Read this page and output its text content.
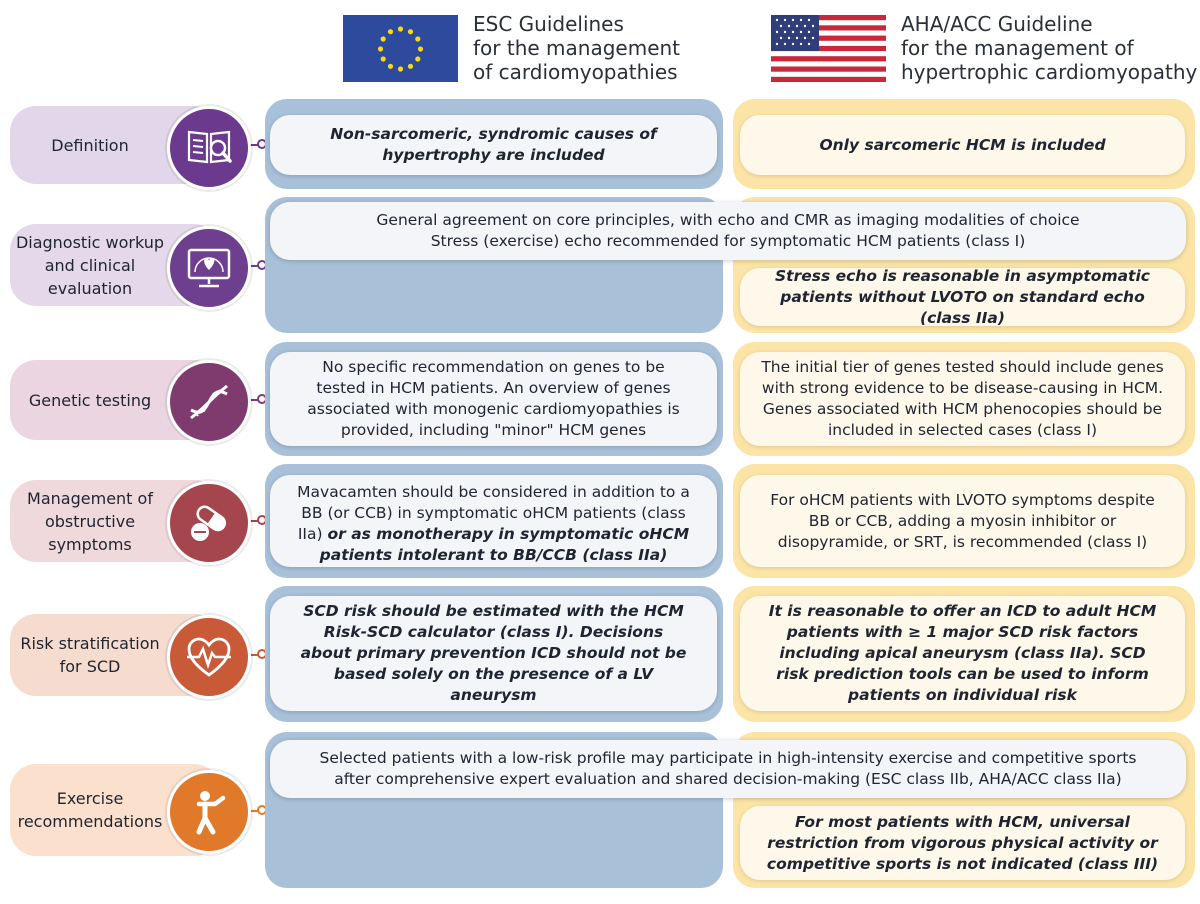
ESC Guidelines
for the management
of cardiomyopathies
AHA/ACC Guideline
for the management of
hypertrophic cardiomyopathy
Definition
Non-sarcomeric, syndromic causes of hypertrophy are included
Only sarcomeric HCM is included
Diagnostic workup and clinical evaluation
General agreement on core principles, with echo and CMR as imaging modalities of choice
Stress (exercise) echo recommended for symptomatic HCM patients (class I)
Stress echo is reasonable in asymptomatic patients without LVOTO on standard echo (class IIa)
Genetic testing
No specific recommendation on genes to be tested in HCM patients. An overview of genes associated with monogenic cardiomyopathies is provided, including "minor" HCM genes
The initial tier of genes tested should include genes with strong evidence to be disease-causing in HCM. Genes associated with HCM phenocopies should be included in selected cases (class I)
Management of obstructive symptoms
Mavacamten should be considered in addition to a BB (or CCB) in symptomatic oHCM patients (class IIa) or as monotherapy in symptomatic oHCM patients intolerant to BB/CCB (class IIa)
For oHCM patients with LVOTO symptoms despite BB or CCB, adding a myosin inhibitor or disopyramide, or SRT, is recommended (class I)
Risk stratification for SCD
SCD risk should be estimated with the HCM Risk-SCD calculator (class I). Decisions about primary prevention ICD should not be based solely on the presence of a LV aneurysm
It is reasonable to offer an ICD to adult HCM patients with ≥ 1 major SCD risk factors including apical aneurysm (class IIa). SCD risk prediction tools can be used to inform patients on individual risk
Exercise recommendations
Selected patients with a low-risk profile may participate in high-intensity exercise and competitive sports
after comprehensive expert evaluation and shared decision-making (ESC class IIb, AHA/ACC class IIa)
For most patients with HCM, universal restriction from vigorous physical activity or competitive sports is not indicated (class III)
